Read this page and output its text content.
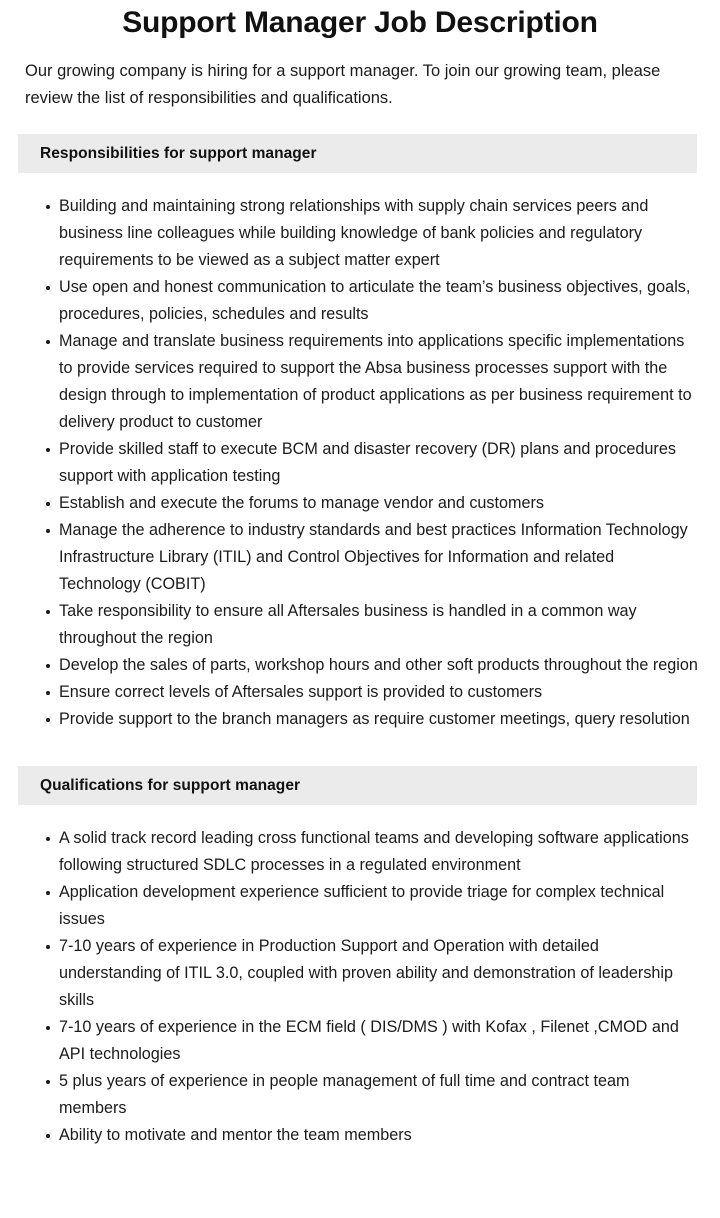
Support Manager Job Description

Our growing company is hiring for a support manager. To join our growing team, please review the list of responsibilities and qualifications.

Responsibilities for support manager
Building and maintaining strong relationships with supply chain services peers and business line colleagues while building knowledge of bank policies and regulatory requirements to be viewed as a subject matter expert
Use open and honest communication to articulate the team’s business objectives, goals, procedures, policies, schedules and results
Manage and translate business requirements into applications specific implementations to provide services required to support the Absa business processes support with the design through to implementation of product applications as per business requirement to delivery product to customer
Provide skilled staff to execute BCM and disaster recovery (DR) plans and procedures support with application testing
Establish and execute the forums to manage vendor and customers
Manage the adherence to industry standards and best practices Information Technology Infrastructure Library (ITIL) and Control Objectives for Information and related Technology (COBIT)
Take responsibility to ensure all Aftersales business is handled in a common way throughout the region
Develop the sales of parts, workshop hours and other soft products throughout the region
Ensure correct levels of Aftersales support is provided to customers
Provide support to the branch managers as require customer meetings, query resolution
Qualifications for support manager
A solid track record leading cross functional teams and developing software applications following structured SDLC processes in a regulated environment
Application development experience sufficient to provide triage for complex technical issues
7-10 years of experience in Production Support and Operation with detailed understanding of ITIL 3.0, coupled with proven ability and demonstration of leadership skills
7-10 years of experience in the ECM field ( DIS/DMS ) with Kofax , Filenet ,CMOD and API technologies
5 plus years of experience in people management of full time and contract team members
Ability to motivate and mentor the team members
